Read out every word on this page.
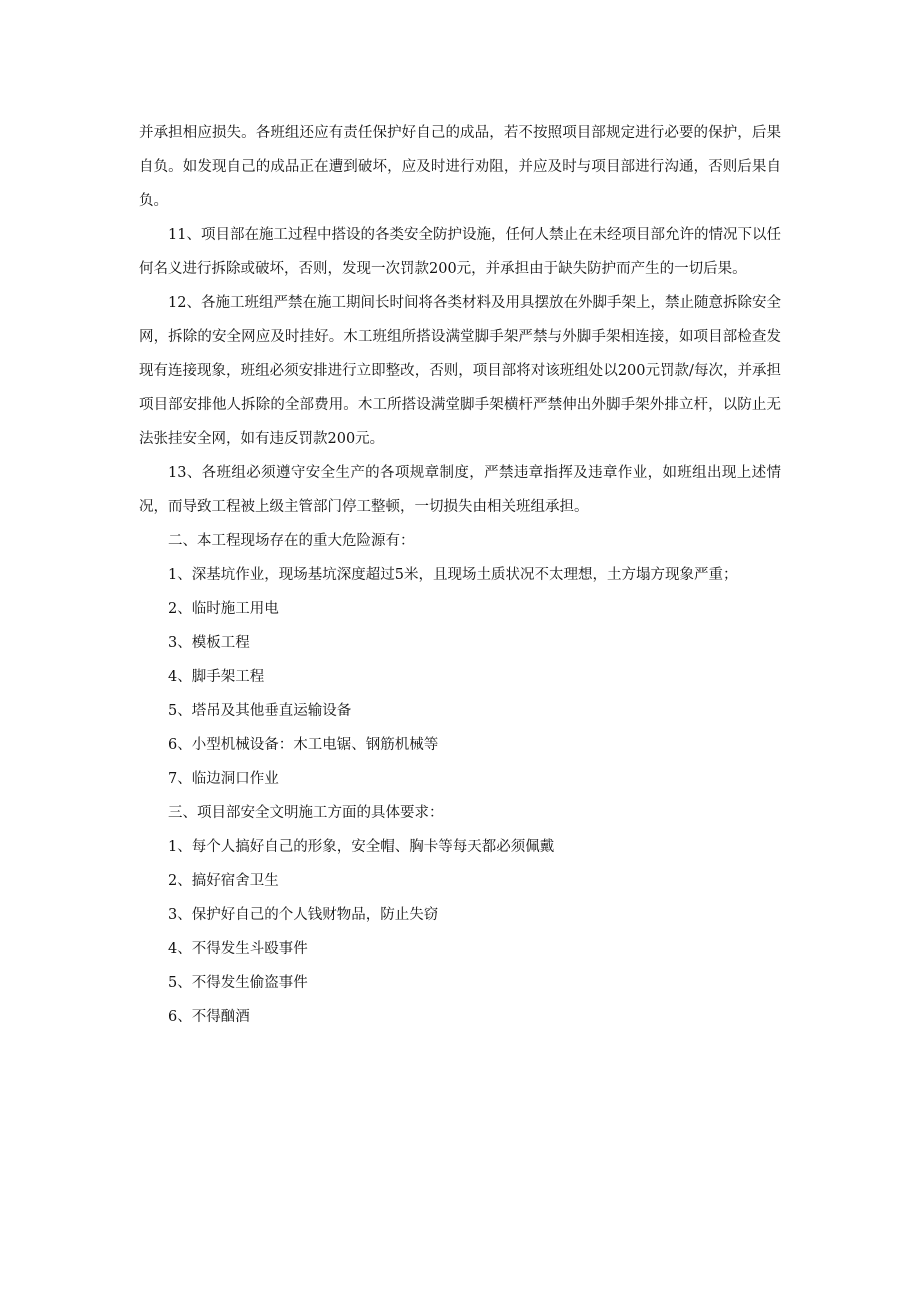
并承担相应损失。各班组还应有责任保护好自己的成品，若不按照项目部规定进行必要的保护，后果自负。如发现自己的成品正在遭到破坏，应及时进行劝阻，并应及时与项目部进行沟通，否则后果自负。

11、项目部在施工过程中搭设的各类安全防护设施，任何人禁止在未经项目部允许的情况下以任何名义进行拆除或破坏，否则，发现一次罚款200元，并承担由于缺失防护而产生的一切后果。

12、各施工班组严禁在施工期间长时间将各类材料及用具摆放在外脚手架上，禁止随意拆除安全网，拆除的安全网应及时挂好。木工班组所搭设满堂脚手架严禁与外脚手架相连接，如项目部检查发现有连接现象，班组必须安排进行立即整改，否则，项目部将对该班组处以200元罚款/每次，并承担项目部安排他人拆除的全部费用。木工所搭设满堂脚手架横杆严禁伸出外脚手架外排立杆，以防止无法张挂安全网，如有违反罚款200元。

13、各班组必须遵守安全生产的各项规章制度，严禁违章指挥及违章作业，如班组出现上述情况，而导致工程被上级主管部门停工整顿，一切损失由相关班组承担。

二、本工程现场存在的重大危险源有：

1、深基坑作业，现场基坑深度超过5米，且现场土质状况不太理想，土方塌方现象严重；

2、临时施工用电

3、模板工程

4、脚手架工程

5、塔吊及其他垂直运输设备

6、小型机械设备：木工电锯、钢筋机械等

7、临边洞口作业

三、项目部安全文明施工方面的具体要求：

1、每个人搞好自己的形象，安全帽、胸卡等每天都必须佩戴

2、搞好宿舍卫生

3、保护好自己的个人钱财物品，防止失窃

4、不得发生斗殴事件

5、不得发生偷盗事件

6、不得酗酒
